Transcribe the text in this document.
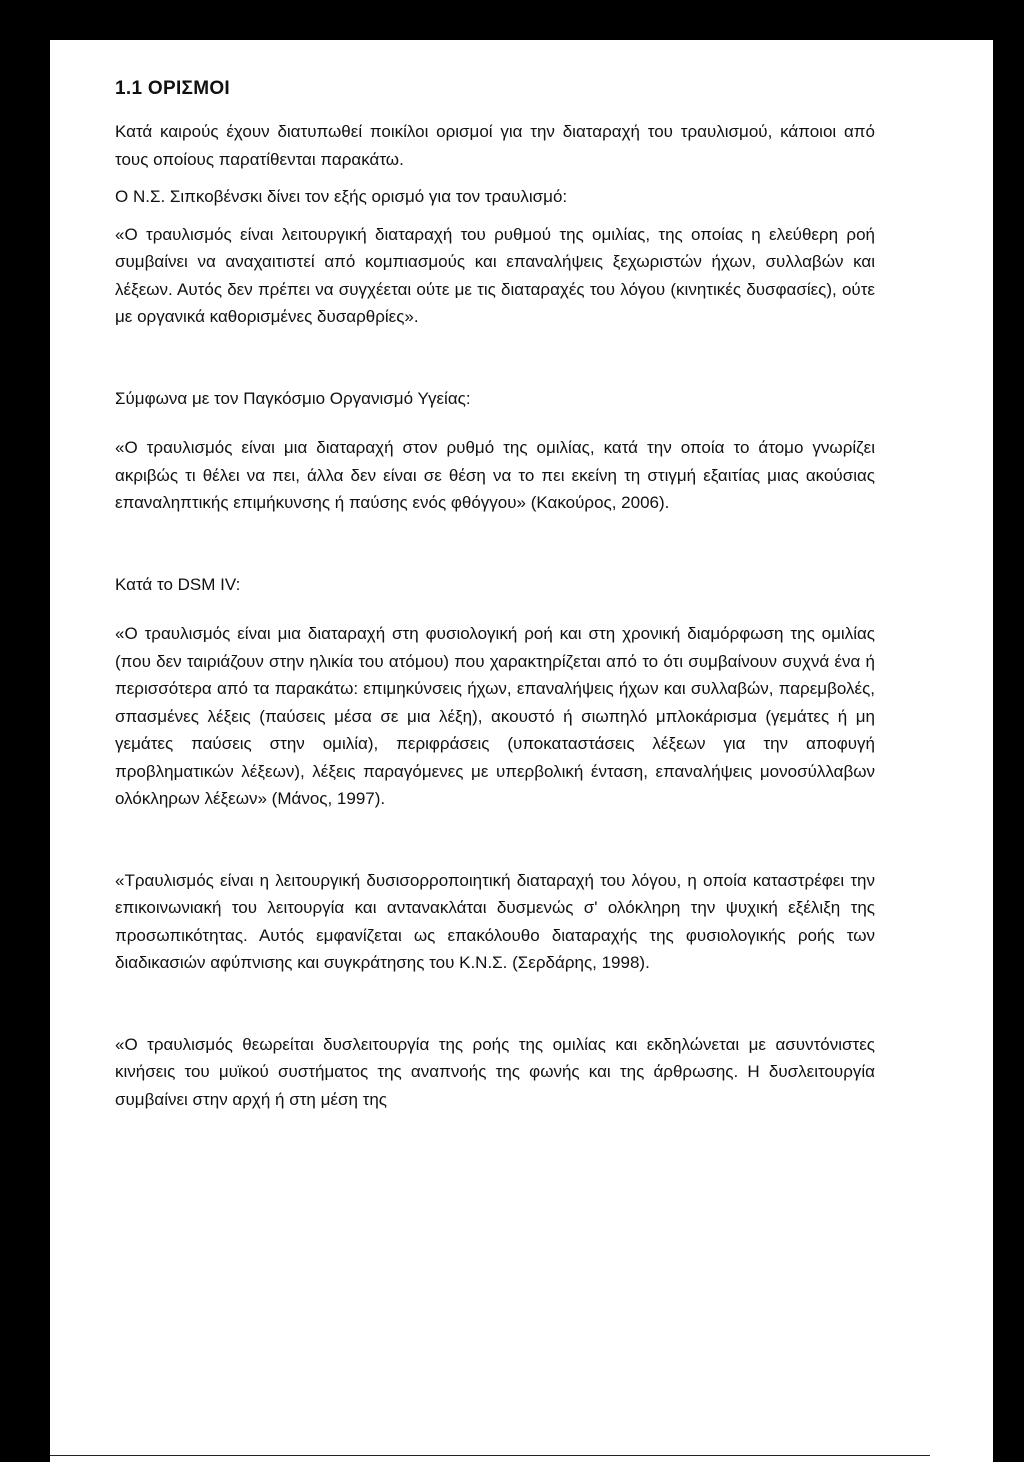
1.1 ΟΡΙΣΜΟΙ

Κατά καιρούς έχουν διατυπωθεί ποικίλοι ορισμοί για την διαταραχή του τραυλισμού, κάποιοι από τους οποίους παρατίθενται παρακάτω.

Ο Ν.Σ. Σιπκοβένσκι δίνει τον εξής ορισμό για τον τραυλισμό:

«Ο τραυλισμός είναι λειτουργική διαταραχή του ρυθμού της ομιλίας, της οποίας η ελεύθερη ροή συμβαίνει να αναχαιτιστεί από κομπιασμούς και επαναλήψεις ξεχωριστών ήχων, συλλαβών και λέξεων. Αυτός δεν πρέπει να συγχέεται ούτε με τις διαταραχές του λόγου (κινητικές δυσφασίες), ούτε με οργανικά καθορισμένες δυσαρθρίες».

Σύμφωνα με τον Παγκόσμιο Οργανισμό Υγείας:

«Ο τραυλισμός είναι μια διαταραχή στον ρυθμό της ομιλίας, κατά την οποία το άτομο γνωρίζει ακριβώς τι θέλει να πει, άλλα δεν είναι σε θέση να το πει εκείνη τη στιγμή εξαιτίας μιας ακούσιας επαναληπτικής επιμήκυνσης ή παύσης ενός φθόγγου» (Κακούρος, 2006).

Κατά το DSM IV:

«Ο τραυλισμός είναι μια διαταραχή στη φυσιολογική ροή και στη χρονική διαμόρφωση της ομιλίας (που δεν ταιριάζουν στην ηλικία του ατόμου) που χαρακτηρίζεται από το ότι συμβαίνουν συχνά ένα ή περισσότερα από τα παρακάτω: επιμηκύνσεις ήχων, επαναλήψεις ήχων και συλλαβών, παρεμβολές, σπασμένες λέξεις (παύσεις μέσα σε μια λέξη), ακουστό ή σιωπηλό μπλοκάρισμα (γεμάτες ή μη γεμάτες παύσεις στην ομιλία), περιφράσεις (υποκαταστάσεις λέξεων για την αποφυγή προβληματικών λέξεων), λέξεις παραγόμενες με υπερβολική ένταση, επαναλήψεις μονοσύλλαβων ολόκληρων λέξεων» (Μάνος, 1997).

«Τραυλισμός είναι η λειτουργική δυσισορροποιητική διαταραχή του λόγου, η οποία καταστρέφει την επικοινωνιακή του λειτουργία και αντανακλάται δυσμενώς σ' ολόκληρη την ψυχική εξέλιξη της προσωπικότητας. Αυτός εμφανίζεται ως επακόλουθο διαταραχής της φυσιολογικής ροής των διαδικασιών αφύπνισης και συγκράτησης του Κ.Ν.Σ. (Σερδάρης, 1998).

«Ο τραυλισμός θεωρείται δυσλειτουργία της ροής της ομιλίας και εκδηλώνεται με ασυντόνιστες κινήσεις του μυϊκού συστήματος της αναπνοής της φωνής και της άρθρωσης. Η δυσλειτουργία συμβαίνει στην αρχή ή στη μέση της
